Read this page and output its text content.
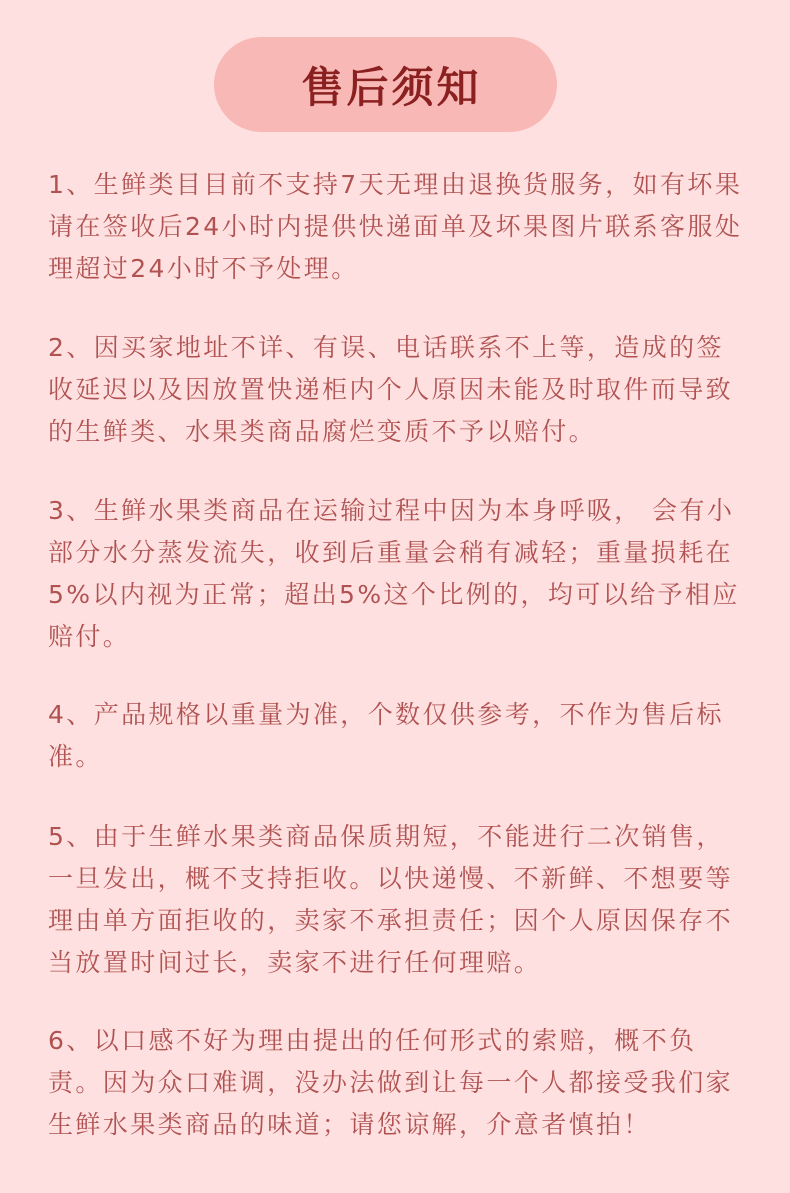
售后须知

1、生鲜类目目前不支持7天无理由退换货服务，如有坏果请在签收后24小时内提供快递面单及坏果图片联系客服处理超过24小时不予处理。

2、因买家地址不详、有误、电话联系不上等，造成的签收延迟以及因放置快递柜内个人原因未能及时取件而导致的生鲜类、水果类商品腐烂变质不予以赔付。

3、生鲜水果类商品在运输过程中因为本身呼吸， 会有小部分水分蒸发流失，收到后重量会稍有减轻；重量损耗在5%以内视为正常；超出5%这个比例的，均可以给予相应赔付。

4、产品规格以重量为准，个数仅供参考，不作为售后标准。

5、由于生鲜水果类商品保质期短，不能进行二次销售，一旦发出，概不支持拒收。以快递慢、不新鲜、不想要等理由单方面拒收的，卖家不承担责任；因个人原因保存不当放置时间过长，卖家不进行任何理赔。

6、以口感不好为理由提出的任何形式的索赔，概不负责。因为众口难调，没办法做到让每一个人都接受我们家生鲜水果类商品的味道；请您谅解，介意者慎拍！
